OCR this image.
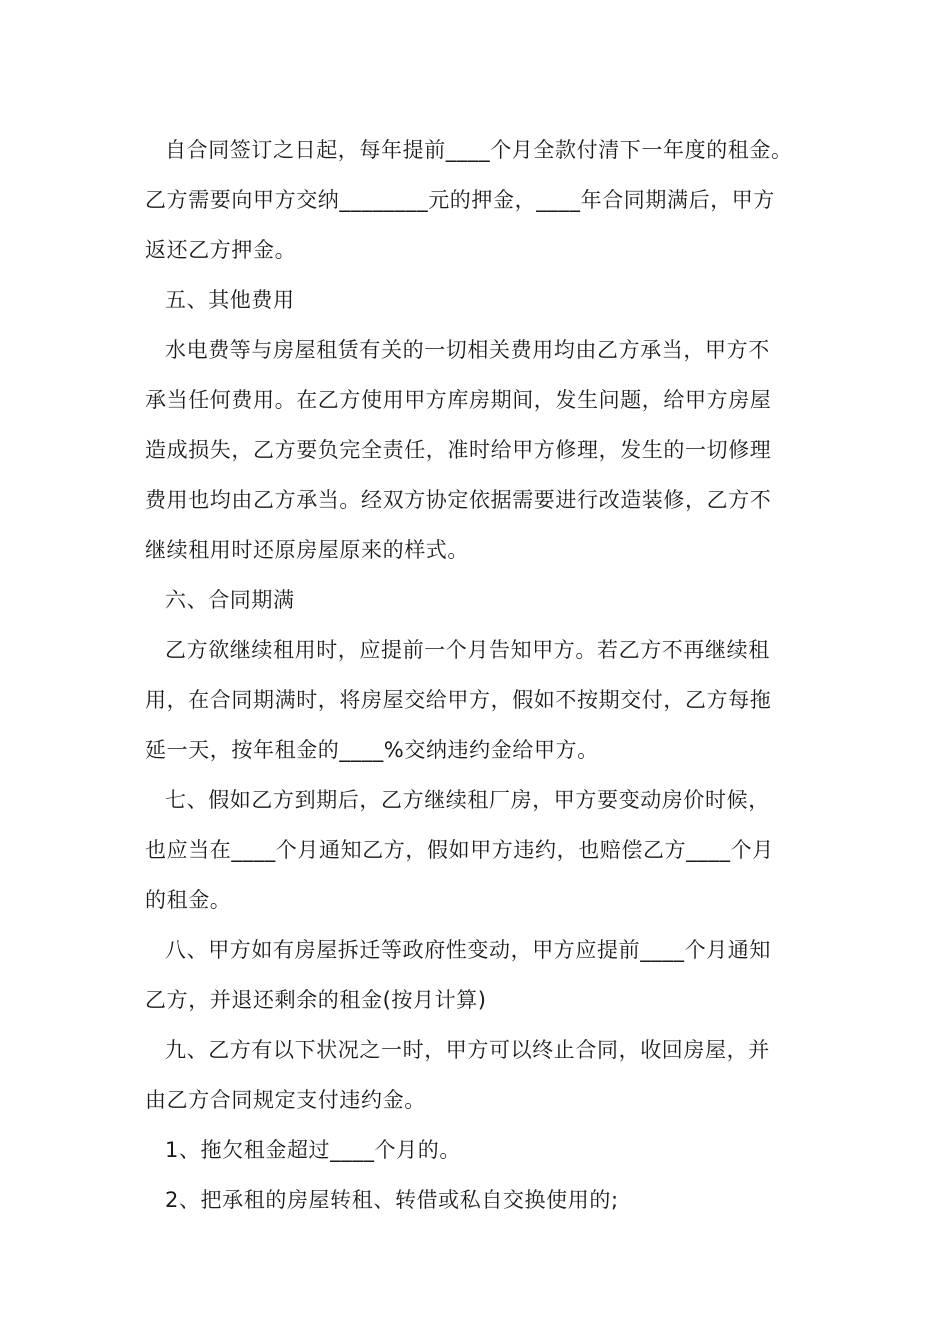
自合同签订之日起，每年提前____个月全款付清下一年度的租金。
乙方需要向甲方交纳________元的押金，____年合同期满后，甲方
返还乙方押金。
五、其他费用
水电费等与房屋租赁有关的一切相关费用均由乙方承当，甲方不
承当任何费用。在乙方使用甲方库房期间，发生问题，给甲方房屋
造成损失，乙方要负完全责任，准时给甲方修理，发生的一切修理
费用也均由乙方承当。经双方协定依据需要进行改造装修，乙方不
继续租用时还原房屋原来的样式。
六、合同期满
乙方欲继续租用时，应提前一个月告知甲方。若乙方不再继续租
用，在合同期满时，将房屋交给甲方，假如不按期交付，乙方每拖
延一天，按年租金的____%交纳违约金给甲方。
七、假如乙方到期后，乙方继续租厂房，甲方要变动房价时候，
也应当在____个月通知乙方，假如甲方违约，也赔偿乙方____个月
的租金。
八、甲方如有房屋拆迁等政府性变动，甲方应提前____个月通知
乙方，并退还剩余的租金(按月计算)
九、乙方有以下状况之一时，甲方可以终止合同，收回房屋，并
由乙方合同规定支付违约金。
1、拖欠租金超过____个月的。
2、把承租的房屋转租、转借或私自交换使用的;
